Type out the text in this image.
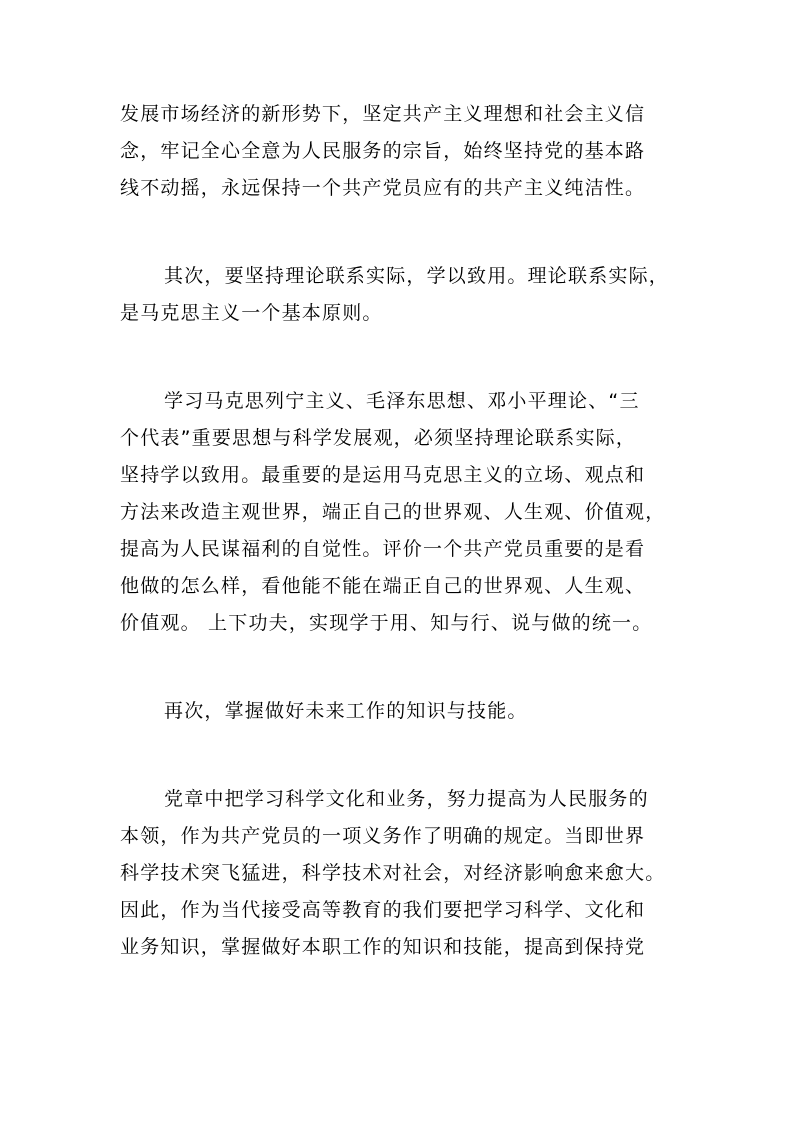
发展市场经济的新形势下，坚定共产主义理想和社会主义信
念，牢记全心全意为人民服务的宗旨，始终坚持党的基本路
线不动摇，永远保持一个共产党员应有的共产主义纯洁性。
其次，要坚持理论联系实际，学以致用。理论联系实际，
是马克思主义一个基本原则。
学习马克思列宁主义、毛泽东思想、邓小平理论、“三
个代表”重要思想与科学发展观，必须坚持理论联系实际，
坚持学以致用。最重要的是运用马克思主义的立场、观点和
方法来改造主观世界，端正自己的世界观、人生观、价值观，
提高为人民谋福利的自觉性。评价一个共产党员重要的是看
他做的怎么样，看他能不能在端正自己的世界观、人生观、
价值观。 上下功夫，实现学于用、知与行、说与做的统一。
再次，掌握做好未来工作的知识与技能。
党章中把学习科学文化和业务，努力提高为人民服务的
本领，作为共产党员的一项义务作了明确的规定。当即世界
科学技术突飞猛进，科学技术对社会，对经济影响愈来愈大。
因此，作为当代接受高等教育的我们要把学习科学、文化和
业务知识，掌握做好本职工作的知识和技能，提高到保持党
